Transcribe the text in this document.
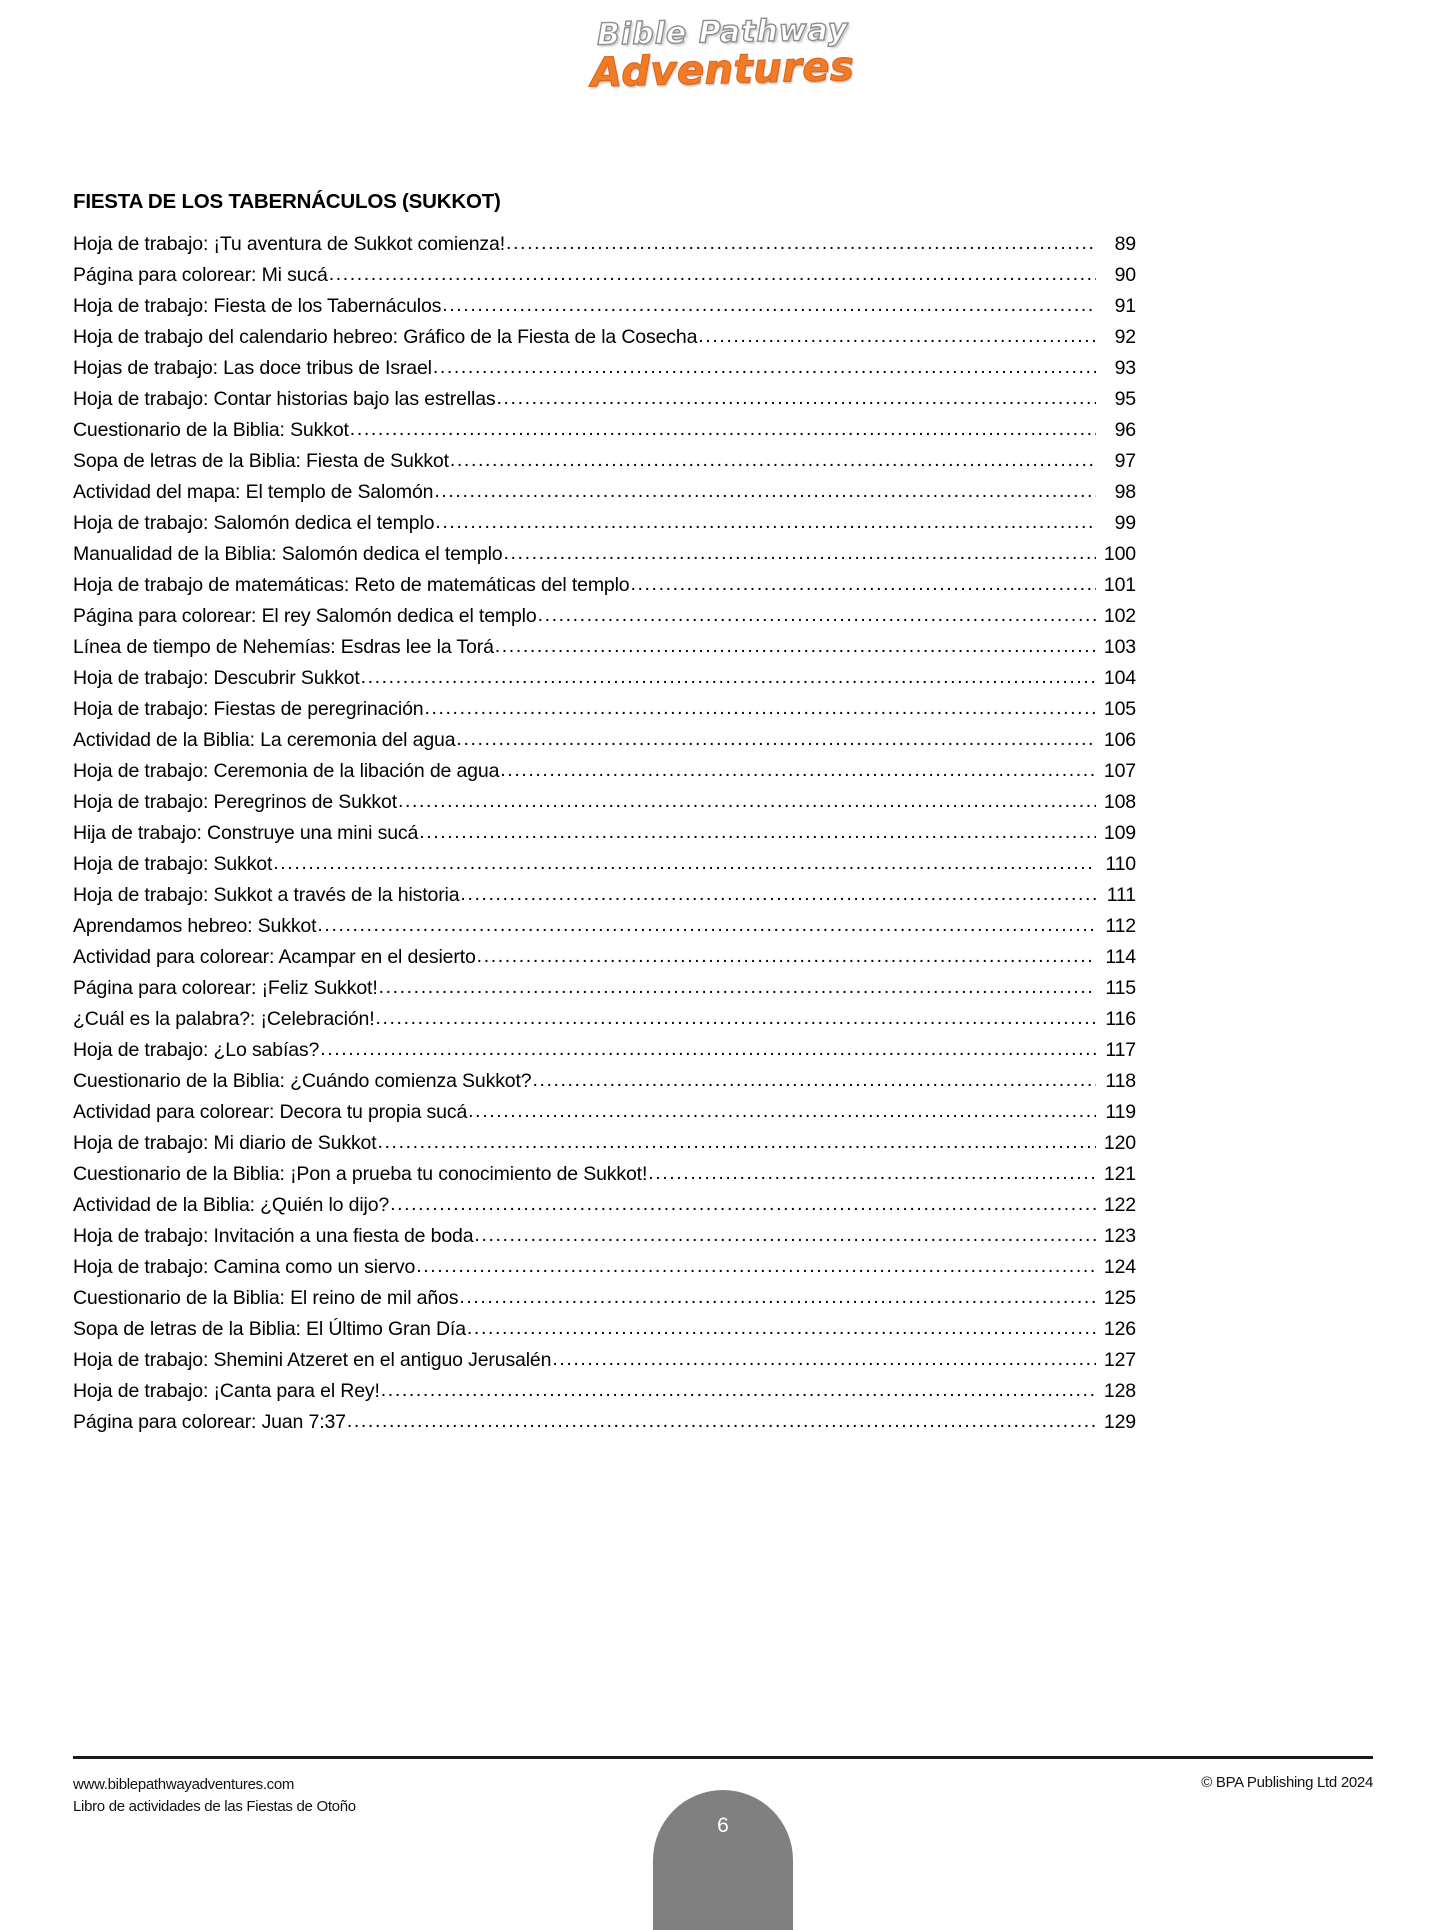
Bible Pathway
Adventures
FIESTA DE LOS TABERNÁCULOS (SUKKOT)
Hoja de trabajo: ¡Tu aventura de Sukkot comienza! .....	89
Página para colorear: Mi sucá .....	90
Hoja de trabajo: Fiesta de los Tabernáculos .....	91
Hoja de trabajo del calendario hebreo: Gráfico de la Fiesta de la Cosecha .....	92
Hojas de trabajo: Las doce tribus de Israel .....	93
Hoja de trabajo: Contar historias bajo las estrellas .....	95
Cuestionario de la Biblia: Sukkot .....	96
Sopa de letras de la Biblia: Fiesta de Sukkot .....	97
Actividad del mapa: El templo de Salomón .....	98
Hoja de trabajo: Salomón dedica el templo .....	99
Manualidad de la Biblia: Salomón dedica el templo .....	100
Hoja de trabajo de matemáticas: Reto de matemáticas del templo .....	101
Página para colorear: El rey Salomón dedica el templo .....	102
Línea de tiempo de Nehemías: Esdras lee la Torá .....	103
Hoja de trabajo: Descubrir Sukkot .....	104
Hoja de trabajo: Fiestas de peregrinación .....	105
Actividad de la Biblia: La ceremonia del agua .....	106
Hoja de trabajo: Ceremonia de la libación de agua .....	107
Hoja de trabajo: Peregrinos de Sukkot .....	108
Hija de trabajo: Construye una mini sucá .....	109
Hoja de trabajo: Sukkot .....	110
Hoja de trabajo: Sukkot a través de la historia .....	111
Aprendamos hebreo: Sukkot .....	112
Actividad para colorear: Acampar en el desierto .....	114
Página para colorear: ¡Feliz Sukkot! .....	115
¿Cuál es la palabra?: ¡Celebración! .....	116
Hoja de trabajo: ¿Lo sabías? .....	117
Cuestionario de la Biblia: ¿Cuándo comienza Sukkot? .....	118
Actividad para colorear: Decora tu propia sucá .....	119
Hoja de trabajo: Mi diario de Sukkot .....	120
Cuestionario de la Biblia: ¡Pon a prueba tu conocimiento de Sukkot! .....	121
Actividad de la Biblia: ¿Quién lo dijo? .....	122
Hoja de trabajo: Invitación a una fiesta de boda .....	123
Hoja de trabajo: Camina como un siervo .....	124
Cuestionario de la Biblia: El reino de mil años .....	125
Sopa de letras de la Biblia: El Último Gran Día .....	126
Hoja de trabajo: Shemini Atzeret en el antiguo Jerusalén .....	127
Hoja de trabajo: ¡Canta para el Rey! .....	128
Página para colorear: Juan 7:37 .....	129
www.biblepathwayadventures.com
Libro de actividades de las Fiestas de Otoño
© BPA Publishing Ltd 2024
6
